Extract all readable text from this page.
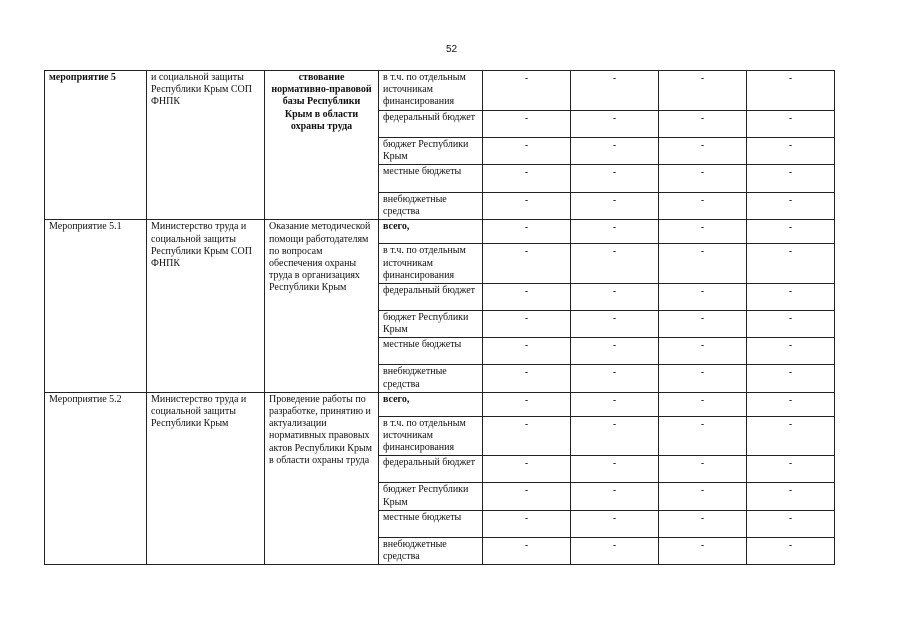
52
мероприятие 5	и социальной защиты Республики Крым СОП ФНПК	ствование нормативно-правовой базы Республики Крым в области охраны труда	в т.ч. по отдельным источникам финансирования	-	-	-	-
			федеральный бюджет	-	-	-	-
			бюджет Республики Крым	-	-	-	-
			местные бюджеты	-	-	-	-
			внебюджетные средства	-	-	-	-
Мероприятие 5.1	Министерство труда и социальной защиты Республики Крым СОП ФНПК	Оказание методической помощи работодателям по вопросам обеспечения охраны труда в организациях Республики Крым	всего,	-	-	-	-
			в т.ч. по отдельным источникам финансирования	-	-	-	-
			федеральный бюджет	-	-	-	-
			бюджет Республики Крым	-	-	-	-
			местные бюджеты	-	-	-	-
			внебюджетные средства	-	-	-	-
Мероприятие 5.2	Министерство труда и социальной защиты Республики Крым	Проведение работы по разработке, принятию и актуализации нормативных правовых актов Республики Крым в области охраны труда	всего,	-	-	-	-
			в т.ч. по отдельным источникам финансирования	-	-	-	-
			федеральный бюджет	-	-	-	-
			бюджет Республики Крым	-	-	-	-
			местные бюджеты	-	-	-	-
			внебюджетные средства	-	-	-	-
